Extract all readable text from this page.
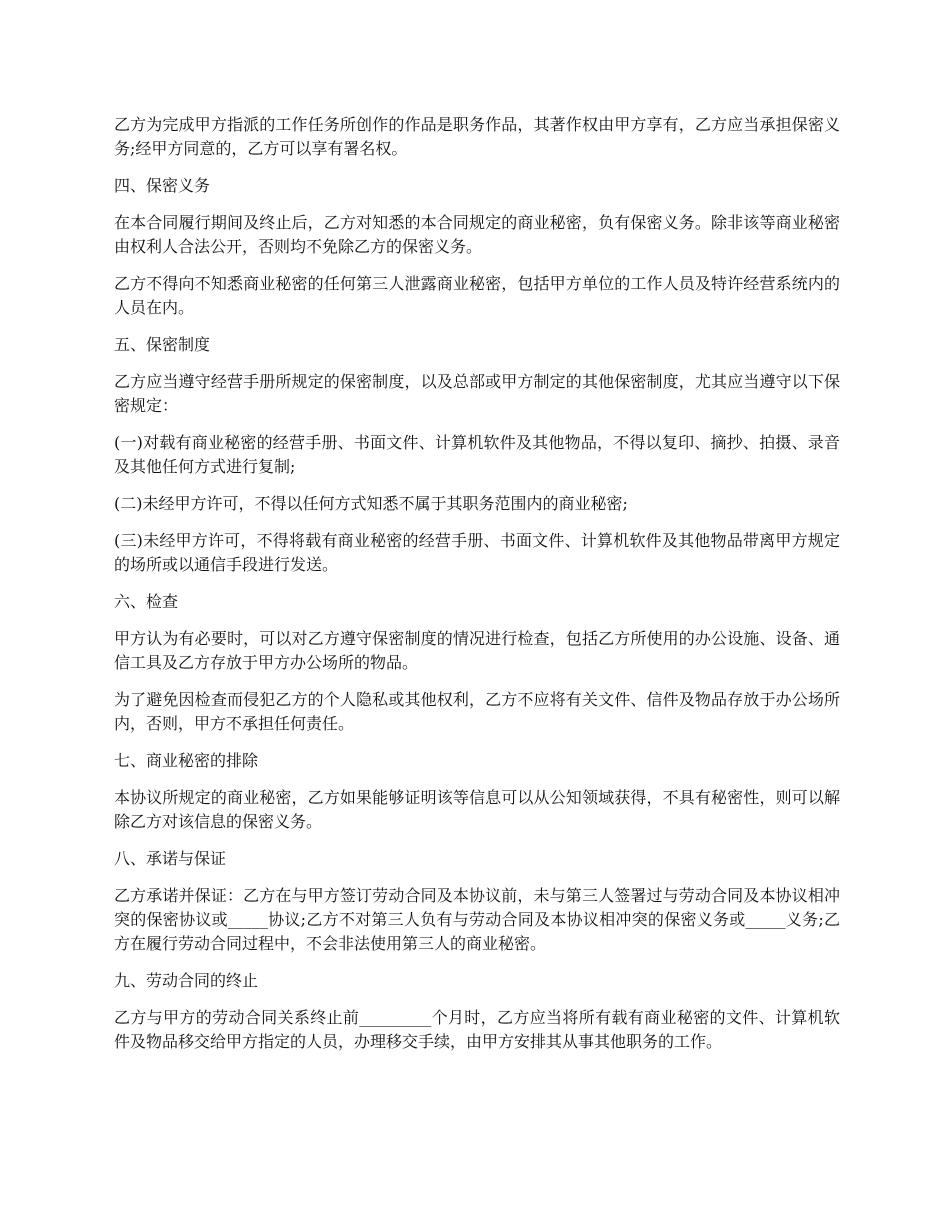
乙方为完成甲方指派的工作任务所创作的作品是职务作品，其著作权由甲方享有，乙方应当承担保密义务;经甲方同意的，乙方可以享有署名权。

四、保密义务

在本合同履行期间及终止后，乙方对知悉的本合同规定的商业秘密，负有保密义务。除非该等商业秘密由权利人合法公开，否则均不免除乙方的保密义务。

乙方不得向不知悉商业秘密的任何第三人泄露商业秘密，包括甲方单位的工作人员及特许经营系统内的人员在内。

五、保密制度

乙方应当遵守经营手册所规定的保密制度，以及总部或甲方制定的其他保密制度，尤其应当遵守以下保密规定：

(一)对载有商业秘密的经营手册、书面文件、计算机软件及其他物品，不得以复印、摘抄、拍摄、录音及其他任何方式进行复制;

(二)未经甲方许可，不得以任何方式知悉不属于其职务范围内的商业秘密;

(三)未经甲方许可，不得将载有商业秘密的经营手册、书面文件、计算机软件及其他物品带离甲方规定的场所或以通信手段进行发送。

六、检查

甲方认为有必要时，可以对乙方遵守保密制度的情况进行检查，包括乙方所使用的办公设施、设备、通信工具及乙方存放于甲方办公场所的物品。

为了避免因检查而侵犯乙方的个人隐私或其他权利，乙方不应将有关文件、信件及物品存放于办公场所内，否则，甲方不承担任何责任。

七、商业秘密的排除

本协议所规定的商业秘密，乙方如果能够证明该等信息可以从公知领域获得，不具有秘密性，则可以解除乙方对该信息的保密义务。

八、承诺与保证

乙方承诺并保证：乙方在与甲方签订劳动合同及本协议前，未与第三人签署过与劳动合同及本协议相冲突的保密协议或_____协议;乙方不对第三人负有与劳动合同及本协议相冲突的保密义务或_____义务;乙方在履行劳动合同过程中，不会非法使用第三人的商业秘密。

九、劳动合同的终止

乙方与甲方的劳动合同关系终止前_________个月时，乙方应当将所有载有商业秘密的文件、计算机软件及物品移交给甲方指定的人员，办理移交手续，由甲方安排其从事其他职务的工作。
